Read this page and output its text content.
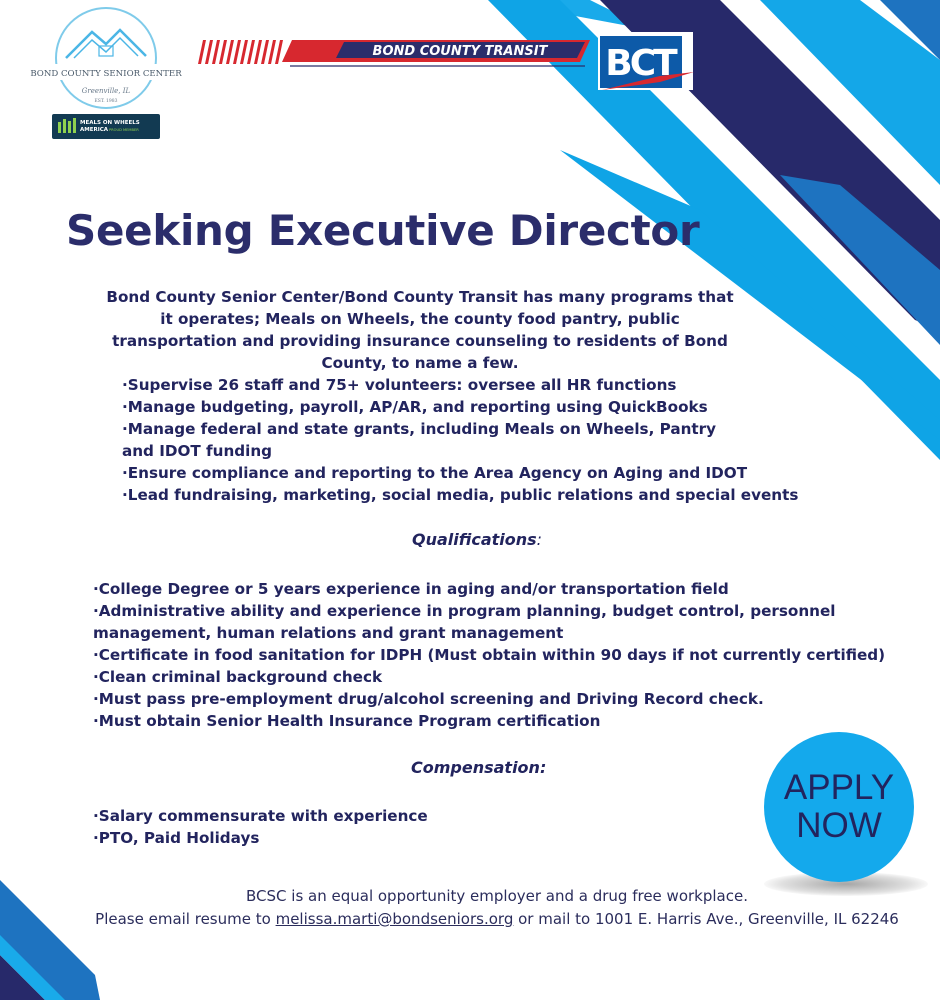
BOND COUNTY TRANSIT BCT
BOND COUNTY SENIOR CENTER
Greenville, IL
EST. 1983
MEALS ON WHEELS
AMERICA PROUD MEMBER
Seeking Executive Director
Bond County Senior Center/Bond County Transit has many programs that it operates; Meals on Wheels, the county food pantry, public transportation and providing insurance counseling to residents of Bond County, to name a few.
·Supervise 26 staff and 75+ volunteers: oversee all HR functions
·Manage budgeting, payroll, AP/AR, and reporting using QuickBooks
·Manage federal and state grants, including Meals on Wheels, Pantry
and IDOT funding
·Ensure compliance and reporting to the Area Agency on Aging and IDOT
·Lead fundraising, marketing, social media, public relations and special events
Qualifications:
·College Degree or 5 years experience in aging and/or transportation field
·Administrative ability and experience in program planning, budget control, personnel
management, human relations and grant management
·Certificate in food sanitation for IDPH (Must obtain within 90 days if not currently certified)
·Clean criminal background check
·Must pass pre-employment drug/alcohol screening and Driving Record check.
·Must obtain Senior Health Insurance Program certification
Compensation:
·Salary commensurate with experience
·PTO, Paid Holidays
APPLY
NOW
BCSC is an equal opportunity employer and a drug free workplace.
Please email resume to melissa.marti@bondseniors.org or mail to 1001 E. Harris Ave., Greenville, IL 62246
